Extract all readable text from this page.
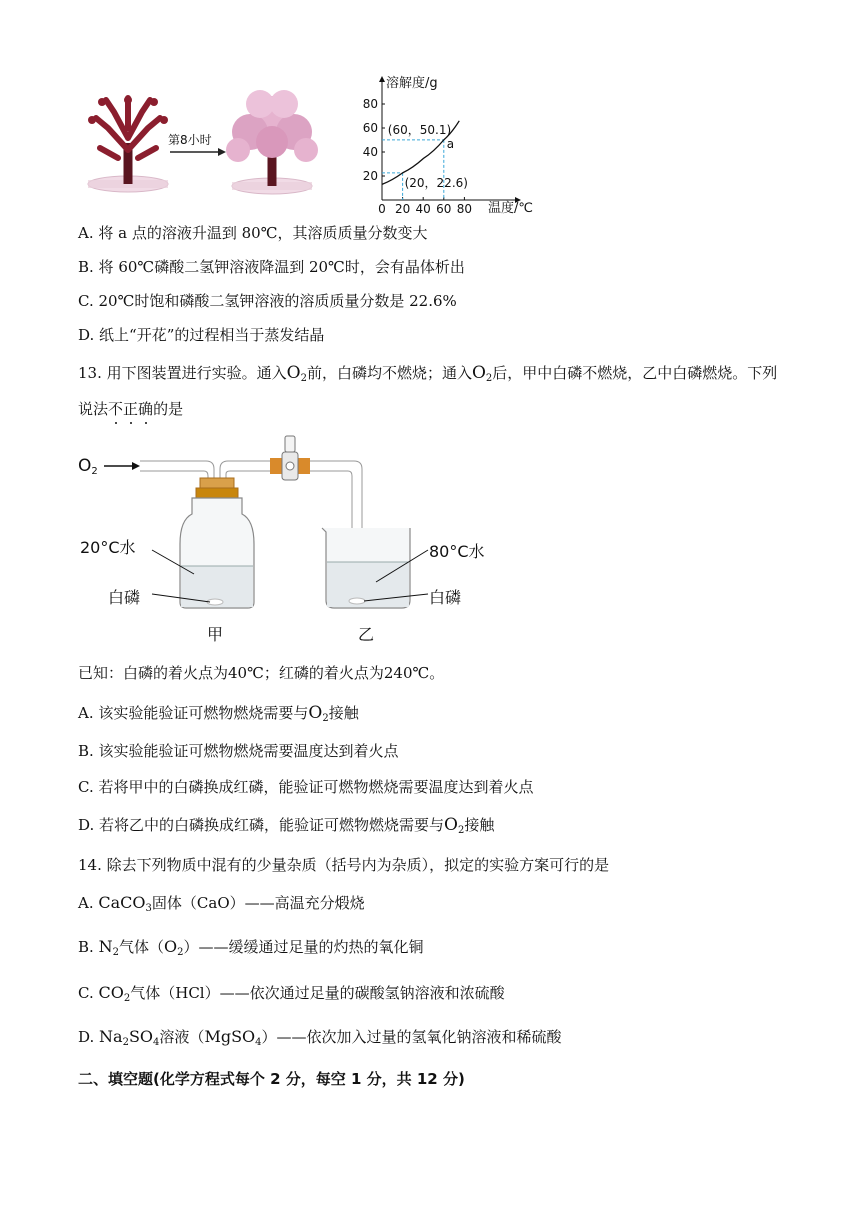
第8小时
0 20 40 60 80
20
40
60
80
(60，50.1)
(20，22.6)
a
溶解度/g
温度/℃
A. 将 a 点的溶液升温到 80℃，其溶质质量分数变大
B. 将 60℃磷酸二氢钾溶液降温到 20℃时，会有晶体析出
C. 20℃时饱和磷酸二氢钾溶液的溶质质量分数是 22.6%
D. 纸上“开花”的过程相当于蒸发结晶
13. 用下图装置进行实验。通入$O_2$前，白磷均不燃烧；通入$O_2$后，甲中白磷不燃烧，乙中白磷燃烧。下列
说法不正确的是
$O_2$
20°C水
白磷
80°C水
白磷
甲	乙
已知：白磷的着火点为40℃；红磷的着火点为240℃。
A. 该实验能验证可燃物燃烧需要与$O_2$接触
B. 该实验能验证可燃物燃烧需要温度达到着火点
C. 若将甲中的白磷换成红磷，能验证可燃物燃烧需要温度达到着火点
D. 若将乙中的白磷换成红磷，能验证可燃物燃烧需要与$O_2$接触
14. 除去下列物质中混有的少量杂质（括号内为杂质），拟定的实验方案可行的是
A. CaCO$_3$固体（CaO）——高温充分煅烧
B. $N_2$气体$(O_2)——$缓缓通过足量的灼热的氧化铜
C. $CO_2$气体（HCl）——依次通过足量的碳酸氢钠溶液和浓硫酸
D. $Na_2SO_4$溶液（MgSO$_4$）——依次加入过量的氢氧化钠溶液和稀硫酸
二、填空题(化学方程式每个 2 分，每空 1 分，共 12 分)
